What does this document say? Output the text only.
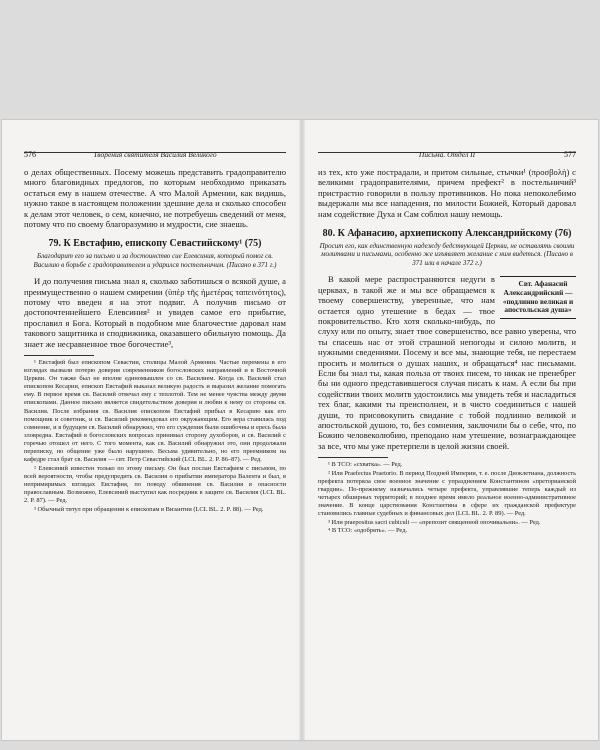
576	Творения святителя Василия Великого

о делах общественных. Посему можешь представить градоправителю много благовидных предлогов, по которым необходимо приказать остаться ему в нашем отечестве. А что Малой Армении, как видишь, нужно такое в настоящем положении здешние дела и сколько способен к делам этот человек, о сем, конечно, не потребуешь сведений от меня, потому что по своему благоразумию и мудрости, сие знаешь.

79. К Евстафию, епископу Севастийскому¹ (75)
Благодарит его за письмо и за достоинство сие Елевсиния, который помог св. Василию в борьбе с градоправителем и ударился постельничим. (Писано в 371 г.)

И до получения письма знал я, сколько заботишься о всякой душе, а преимущественно о нашем смирении (ὑπὲρ τῆς ἡμετέρας ταπεινότητος), потому что введен я на этот подвиг. А получив письмо от достопочтеннейшего Елевсиния² и увидев самое его прибытие, прославил я Бога. Который в подобном мне благочестие даровал нам такового защитника и сподвижника, оказавшего обильную помощь. Да знает же несравненное твое богочестие³,

¹ Евстафий был епископом Севастии, столицы Малой Армении. Частые перемены в его взглядах вызвали потерю доверия современников богословских направлений и в Восточной Церкви. Он также был не вполне единомышлен со св. Василием. Когда св. Василий стал епископом Кесарии, епископ Евстафий выказал великую радость и выразил желание помогать ему. В первое время св. Василий отвечал ему с теплотой. Тем не менее чувства между двумя епископами. Данное письмо является свидетельством доверия и любви к нему со стороны св. Василия. После избрания св. Василия епископом Евстафий прибыл в Кесарию как его помощник и советник, и св. Василий рекомендовал его окружающим. Его вера ставилась под сомнение, и в будущем св. Василий обнаружил, что его суждения были ошибочны и ересь была зловредна. Евстафий в богословских вопросах принимал сторону духоборов, и св. Василий с горечью отошел от него. С того момента, как св. Василий обнаружил это, они продолжали переписку, но общение уже было нарушено. Весьма удивительно, но его преемником на кафедре стал брат св. Василия — свт. Петр Севастийский (LCL BL. 2. P. 86–87). — Ред.

² Елевсиний известен только по этому письму. Он был послан Евстафием с письмом, по всей вероятности, чтобы предупредить св. Василия о прибытии императора Валента и был, в непримиримых взглядах Евстафия, по поводу обвинения св. Василия в опасности православным. Возможно, Елевсиний выступил как посредник в защите св. Василия (LCL BL. 2. P. 87). — Ред.

³ Обычный титул при обращении к епископам в Византии (LCL BL. 2. P. 88). — Ред.

Письма. Отдел II	577

из тех, кто уже пострадали, и притом сильные, стычки¹ (προσβολὴ) с великими градоправителями, причем префект² в постельничий³ пристрастно говорили в пользу противников. Но пока непоколебимо выдержали мы все нападения, по милости Божией, Который даровал нам содействие Духа и Сам соблюл нашу немощь.

80. К Афанасию, архиепископу Александрийскому (76)
Просит его, как единственную надежду бедствующей Церкви, не оставлять своими молитвами и письмами, особенно же изъявляет желание с ним видеться. (Писано в 371 или в начале 372 г.)

Свт. Афанасий Александрийский — «подлинно великая и апостольская душа»
В какой мере распространяются недуги в церквах, в такой же и мы все обращаемся к твоему совершенству, уверенные, что нам остается одно утешение в бедах — твое покровительство. Кто хотя сколько-нибудь, по слуху или по опыту, знает твое совершенство, все равно уверены, что ты спасешь нас от этой страшной непогоды и силою молитв, и нужными сведениями. Посему и все мы, знающие тебя, не перестаем просить и молиться о душах наших, и обращаться⁴ нас письмами. Если бы знал ты, какая польза от твоих писем, то никак не пренебрег бы ни одного представившегося случая писать к нам. А если бы при содействии твоих молитв удостоились мы увидеть тебя и насладиться тех благ, какими ты преисполнен, и в чисто соединиться с нашей души, то присовокупить свидание с тобой подлинно великой и апостольской душою, то, без сомнения, заключили бы о себе, что, по Божию человеколюбию, преподано нам утешение, вознаграждающее за все, что мы уже претерпели в целой жизни своей.

¹ В ТСО: «схватка». — Ред.

² Или Praefectus Praetorio. В период Поздней Империи, т. е. после Диоклетиана, должность префекта потеряла свое военное значение с упразднением Константином «преторианской гвардии». По-прежнему назначались четыре префекта, управлявшие теперь каждый из четырех обширных территорий; в позднее время имело реальное военно-административное значение. В конце царствования Константина в сфере их гражданской префектуре становились главные судебных и финансовых дел (LCL BL. 2. P. 89). — Ред.

³ Или praepositus sacri cubiculi — «препозит священной опочивальни». — Ред.

⁴ В ТСО: «одобрять». — Ред.
